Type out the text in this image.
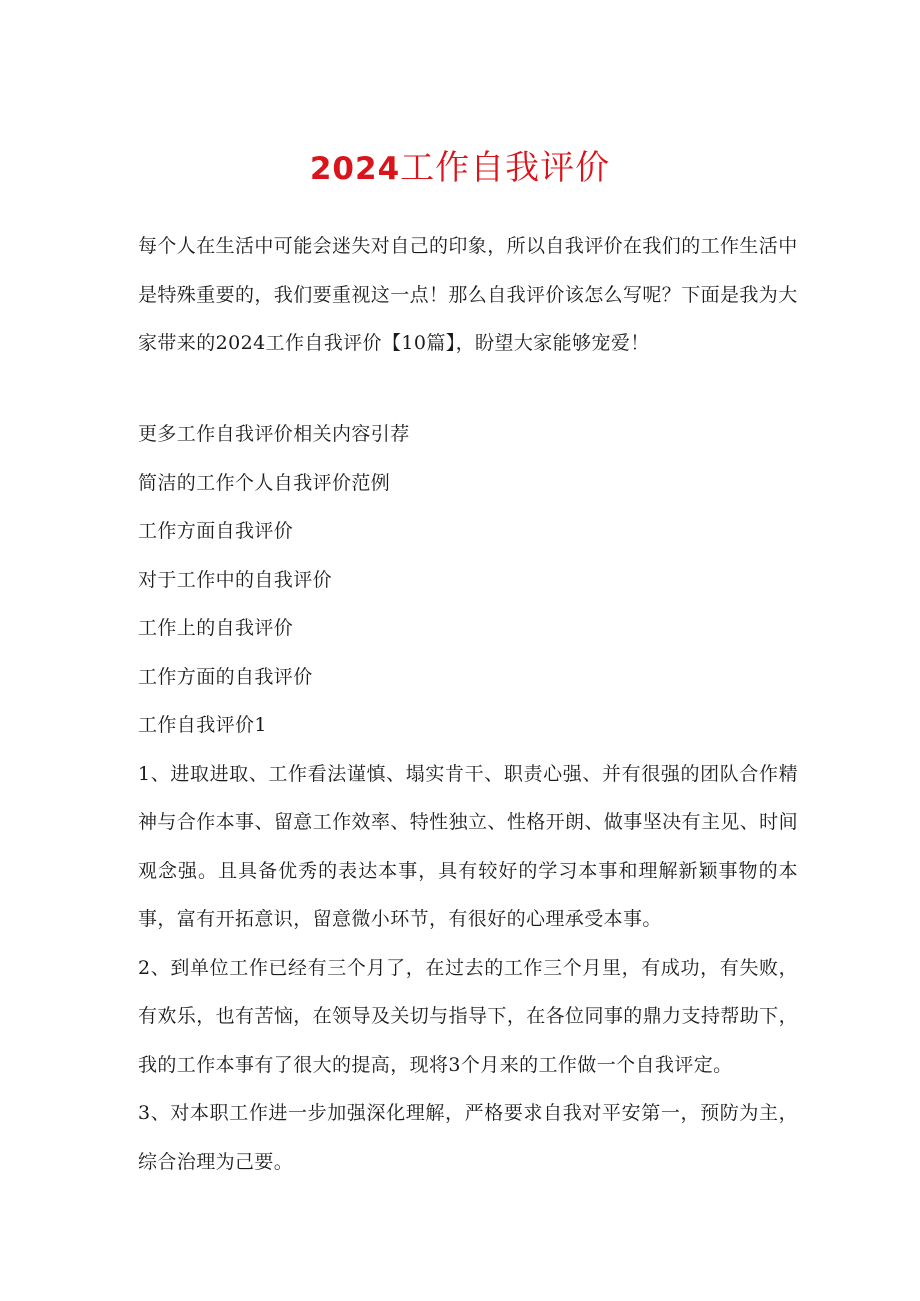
2024工作自我评价
每个人在生活中可能会迷失对自己的印象，所以自我评价在我们的工作生活中是特殊重要的，我们要重视这一点！那么自我评价该怎么写呢？下面是我为大家带来的2024工作自我评价【10篇】，盼望大家能够宠爱！
更多工作自我评价相关内容引荐
简洁的工作个人自我评价范例
工作方面自我评价
对于工作中的自我评价
工作上的自我评价
工作方面的自我评价
工作自我评价1

1、进取进取、工作看法谨慎、塌实肯干、职责心强、并有很强的团队合作精神与合作本事、留意工作效率、特性独立、性格开朗、做事坚决有主见、时间观念强。且具备优秀的表达本事，具有较好的学习本事和理解新颖事物的本事，富有开拓意识，留意微小环节，有很好的心理承受本事。

2、到单位工作已经有三个月了，在过去的工作三个月里，有成功，有失败，有欢乐，也有苦恼，在领导及关切与指导下，在各位同事的鼎力支持帮助下，我的工作本事有了很大的提高，现将3个月来的工作做一个自我评定。

3、对本职工作进一步加强深化理解，严格要求自我对平安第一，预防为主，综合治理为己要。
